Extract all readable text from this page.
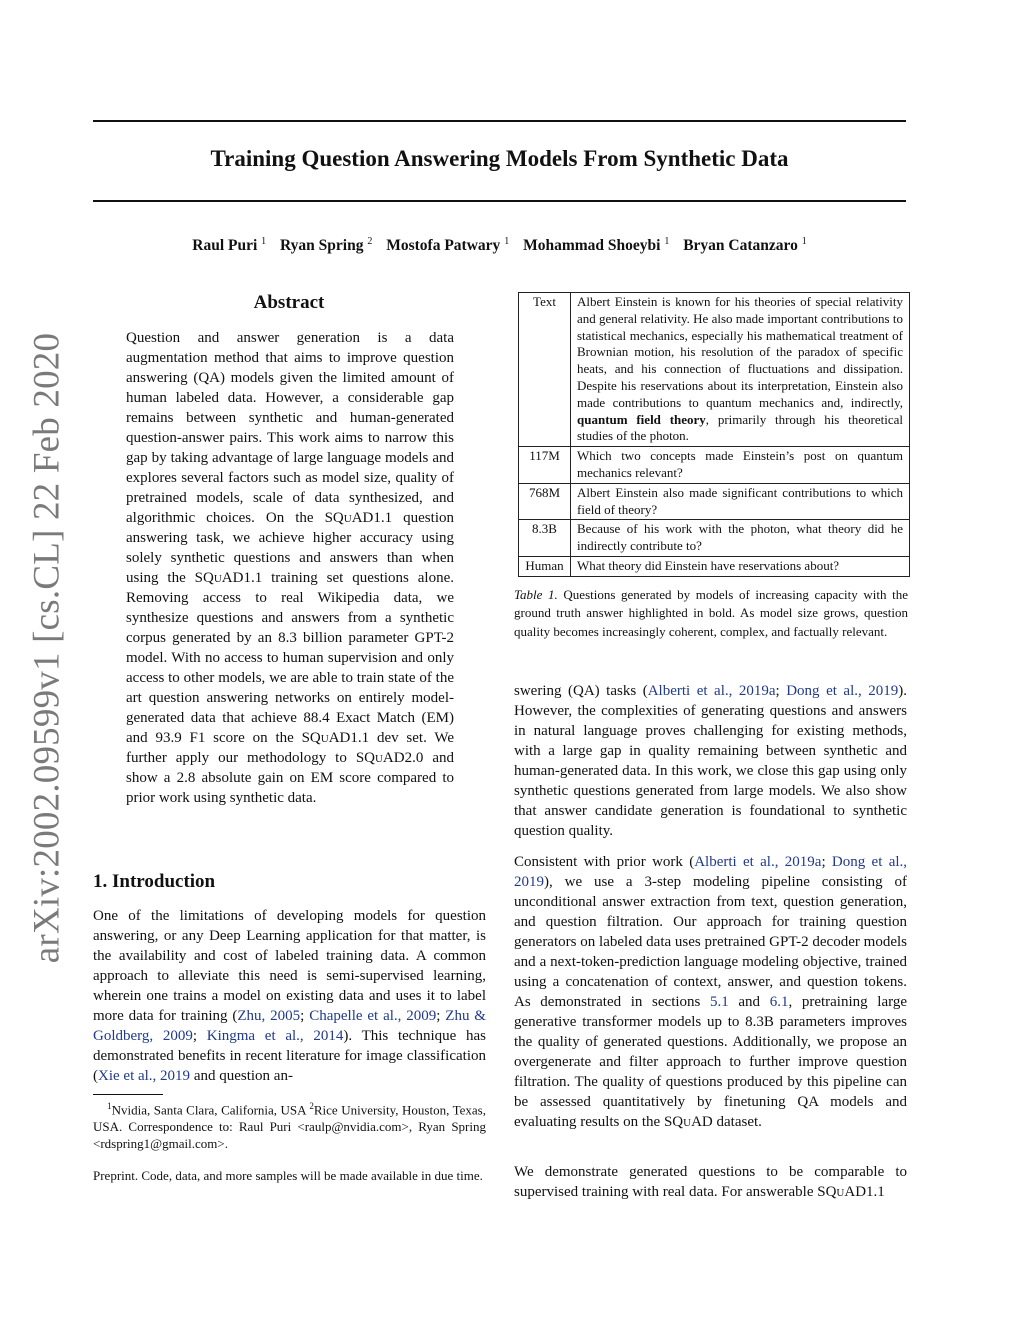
Training Question Answering Models From Synthetic Data
Raul Puri $^1$ Ryan Spring $^2$ Mostofa Patwary $^1$ Mohammad Shoeybi $^1$ Bryan Catanzaro $^1$
arXiv:2002.09599v1 [cs.CL] 22 Feb 2020
Abstract
Question and answer generation is a data augmentation method that aims to improve question answering (QA) models given the limited amount of human labeled data. However, a considerable gap remains between synthetic and human-generated question-answer pairs. This work aims to narrow this gap by taking advantage of large language models and explores several factors such as model size, quality of pretrained models, scale of data synthesized, and algorithmic choices. On the SQuAD1.1 question answering task, we achieve higher accuracy using solely synthetic questions and answers than when using the SQuAD1.1 training set questions alone. Removing access to real Wikipedia data, we synthesize questions and answers from a synthetic corpus generated by an 8.3 billion parameter GPT-2 model. With no access to human supervision and only access to other models, we are able to train state of the art question answering networks on entirely model-generated data that achieve 88.4 Exact Match (EM) and 93.9 F1 score on the SQuAD1.1 dev set. We further apply our methodology to SQuAD2.0 and show a 2.8 absolute gain on EM score compared to prior work using synthetic data.
1. Introduction

One of the limitations of developing models for question answering, or any Deep Learning application for that matter, is the availability and cost of labeled training data. A common approach to alleviate this need is semi-supervised learning, wherein one trains a model on existing data and uses it to label more data for training (Zhu, 2005; Chapelle et al., 2009; Zhu & Goldberg, 2009; Kingma et al., 2014). This technique has demonstrated benefits in recent literature for image classification (Xie et al., 2019 and question an-

$^1$Nvidia, Santa Clara, California, USA $^2$Rice University, Houston, Texas, USA. Correspondence to: Raul Puri <raulp@nvidia.com>, Ryan Spring <rdspring1@gmail.com>.

Preprint. Code, data, and more samples will be made available in due time.
Text	Albert Einstein is known for his theories of special relativity and general relativity. He also made important contributions to statistical mechanics, especially his mathematical treatment of Brownian motion, his resolution of the paradox of specific heats, and his connection of fluctuations and dissipation. Despite his reservations about its interpretation, Einstein also made contributions to quantum mechanics and, indirectly, quantum field theory, primarily through his theoretical studies of the photon.
117M	Which two concepts made Einstein’s post on quantum mechanics relevant?
768M	Albert Einstein also made significant contributions to which field of theory?
8.3B	Because of his work with the photon, what theory did he indirectly contribute to?
Human	What theory did Einstein have reservations about?
Table 1. Questions generated by models of increasing capacity with the ground truth answer highlighted in bold. As model size grows, question quality becomes increasingly coherent, complex, and factually relevant.

swering (QA) tasks (Alberti et al., 2019a; Dong et al., 2019). However, the complexities of generating questions and answers in natural language proves challenging for existing methods, with a large gap in quality remaining between synthetic and human-generated data. In this work, we close this gap using only synthetic questions generated from large models. We also show that answer candidate generation is foundational to synthetic question quality.

Consistent with prior work (Alberti et al., 2019a; Dong et al., 2019), we use a 3-step modeling pipeline consisting of unconditional answer extraction from text, question generation, and question filtration. Our approach for training question generators on labeled data uses pretrained GPT-2 decoder models and a next-token-prediction language modeling objective, trained using a concatenation of context, answer, and question tokens. As demonstrated in sections 5.1 and 6.1, pretraining large generative transformer models up to 8.3B parameters improves the quality of generated questions. Additionally, we propose an overgenerate and filter approach to further improve question filtration. The quality of questions produced by this pipeline can be assessed quantitatively by finetuning QA models and evaluating results on the SQuAD dataset.

We demonstrate generated questions to be comparable to supervised training with real data. For answerable SQuAD1.1
